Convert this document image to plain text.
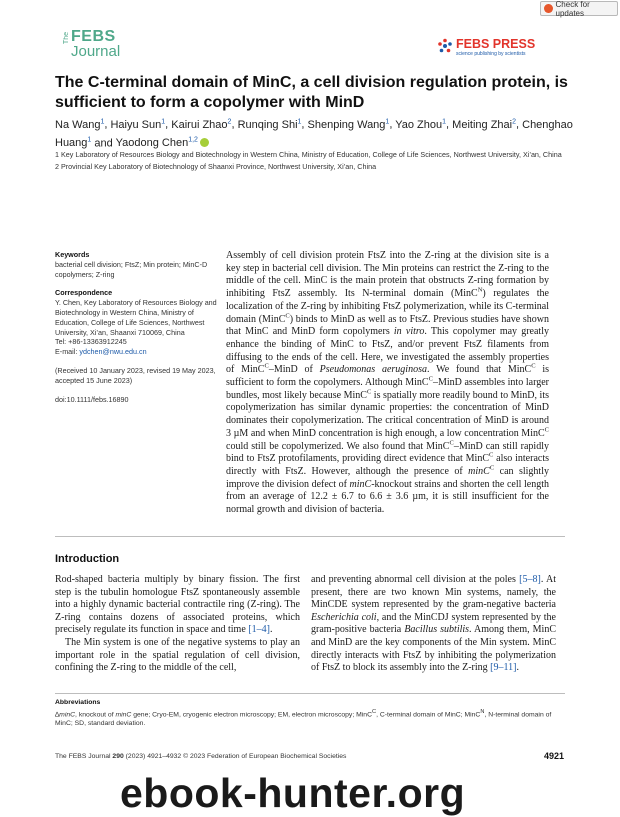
Check for updates
The FEBS
Journal	FEBS PRESS
science publishing by scientists
The C-terminal domain of MinC, a cell division regulation protein, is sufficient to form a copolymer with MinD
Na Wang$^1$, Haiyu Sun$^1$, Kairui Zhao$^2$, Runqing Shi$^1$, Shenping Wang$^1$, Yao Zhou$^1$, Meiting Zhai$^2$, Chenghao Huang$^1$ and Yaodong Chen$^{1,2}$
1 Key Laboratory of Resources Biology and Biotechnology in Western China, Ministry of Education, College of Life Sciences, Northwest University, Xi’an, China
2 Provincial Key Laboratory of Biotechnology of Shaanxi Province, Northwest University, Xi’an, China
Keywords
bacterial cell division; FtsZ; Min protein; MinC-D copolymers; Z-ring
Correspondence
Y. Chen, Key Laboratory of Resources Biology and Biotechnology in Western China, Ministry of Education, College of Life Sciences, Northwest University, Xi’an, Shaanxi 710069, China
Tel: +86-13363912245
E-mail: ydchen@nwu.edu.cn
(Received 10 January 2023, revised 19 May 2023, accepted 15 June 2023)
doi:10.1111/febs.16890
Assembly of cell division protein FtsZ into the Z-ring at the division site is a key step in bacterial cell division. The Min proteins can restrict the Z-ring to the middle of the cell. MinC is the main protein that obstructs Z-ring formation by inhibiting FtsZ assembly. Its N-terminal domain (MinC$^N$) regulates the localization of the Z-ring by inhibiting FtsZ polymerization, while its C-terminal domain (MinC$^C$) binds to MinD as well as to FtsZ. Previous studies have shown that MinC and MinD form copolymers in vitro. This copolymer may greatly enhance the binding of MinC to FtsZ, and/or prevent FtsZ filaments from diffusing to the ends of the cell. Here, we investigated the assembly properties of MinC$^C$–MinD of Pseudomonas aeruginosa. We found that MinC$^C$ is sufficient to form the copolymers. Although MinC$^C$–MinD assembles into larger bundles, most likely because MinC$^C$ is spatially more readily bound to MinD, its copolymerization has similar dynamic properties: the concentration of MinD dominates their copolymerization. The critical concentration of MinD is around 3 µM and when MinD concentration is high enough, a low concentration MinC$^C$ could still be copolymerized. We also found that MinC$^C$–MinD can still rapidly bind to FtsZ protofilaments, providing direct evidence that MinC$^C$ also interacts directly with FtsZ. However, although the presence of minC$^C$ can slightly improve the division defect of minC-knockout strains and shorten the cell length from an average of 12.2 ± 6.7 to 6.6 ± 3.6 µm, it is still insufficient for the normal growth and division of bacteria.
Introduction
Rod-shaped bacteria multiply by binary fission. The first step is the tubulin homologue FtsZ spontaneously assemble into a highly dynamic bacterial contractile ring (Z-ring). The Z-ring contains dozens of associated proteins, which precisely regulate its function in space and time [1–4].
The Min system is one of the negative systems to play an important role in the spatial regulation of cell division, confining the Z-ring to the middle of the cell,
and preventing abnormal cell division at the poles [5–8]. At present, there are two known Min systems, namely, the MinCDE system represented by the gram-negative bacteria Escherichia coli, and the MinCDJ system represented by the gram-positive bacteria Bacillus subtilis. Among them, MinC and MinD are the key components of the Min system. MinC directly interacts with FtsZ by inhibiting the polymerization of FtsZ to block its assembly into the Z-ring [9–11].
Abbreviations
∆minC, knockout of minC gene; Cryo-EM, cryogenic electron microscopy; EM, electron microscopy; MinC$^C$, C-terminal domain of MinC; MinC$^N$, N-terminal domain of MinC; SD, standard deviation.
The FEBS Journal 290 (2023) 4921–4932 © 2023 Federation of European Biochemical Societies	4921
ebook-hunter.org
